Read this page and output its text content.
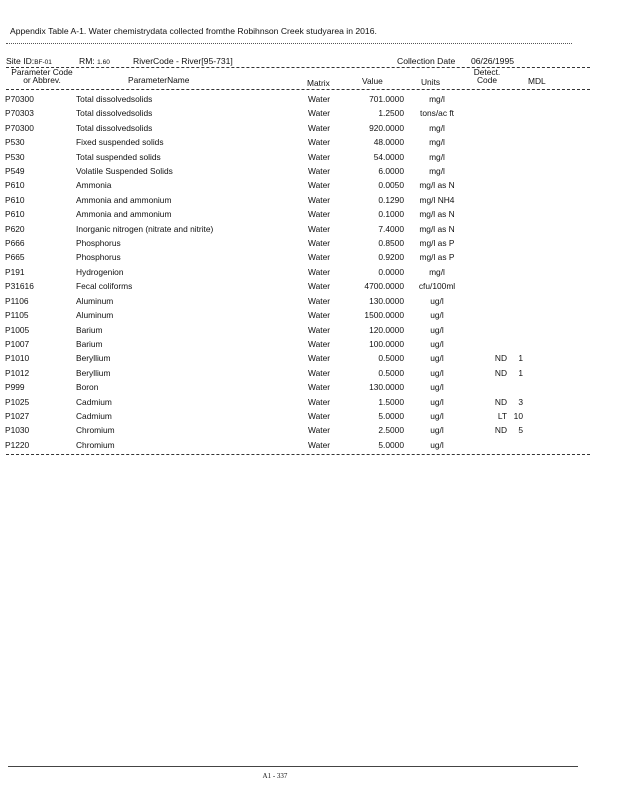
Appendix Table A-1. Water chemistrydata collected fromthe Robihnson Creek studyarea in 2016.
Site ID:BF-01	RM: 1.60	RiverCode - River[95-731]	Collection Date 06/26/1995
Parameter Code
or Abbrev.	ParameterName	Matrix	Value	Units
Detect.
Code	MDL
P70300	Total dissolvedsolids	Water	701.0000	mg/l		
P70303	Total dissolvedsolids	Water	1.2500	tons/ac ft		
P70300	Total dissolvedsolids	Water	920.0000	mg/l		
P530	Fixed suspended solids	Water	48.0000	mg/l		
P530	Total suspended solids	Water	54.0000	mg/l		
P549	Volatile Suspended Solids	Water	6.0000	mg/l		
P610	Ammonia	Water	0.0050	mg/l as N		
P610	Ammonia and ammonium	Water	0.1290	mg/l NH4		
P610	Ammonia and ammonium	Water	0.1000	mg/l as N		
P620	Inorganic nitrogen (nitrate and nitrite)	Water	7.4000	mg/l as N		
P666	Phosphorus	Water	0.8500	mg/l as P		
P665	Phosphorus	Water	0.9200	mg/l as P		
P191	Hydrogenion	Water	0.0000	mg/l		
P31616	Fecal coliforms	Water	4700.0000	cfu/100ml		
P1106	Aluminum	Water	130.0000	ug/l		
P1105	Aluminum	Water	1500.0000	ug/l		
P1005	Barium	Water	120.0000	ug/l		
P1007	Barium	Water	100.0000	ug/l		
P1010	Beryllium	Water	0.5000	ug/l	ND	1
P1012	Beryllium	Water	0.5000	ug/l	ND	1
P999	Boron	Water	130.0000	ug/l		
P1025	Cadmium	Water	1.5000	ug/l	ND	3
P1027	Cadmium	Water	5.0000	ug/l	LT	10
P1030	Chromium	Water	2.5000	ug/l	ND	5
P1220	Chromium	Water	5.0000	ug/l		
A1 - 337
